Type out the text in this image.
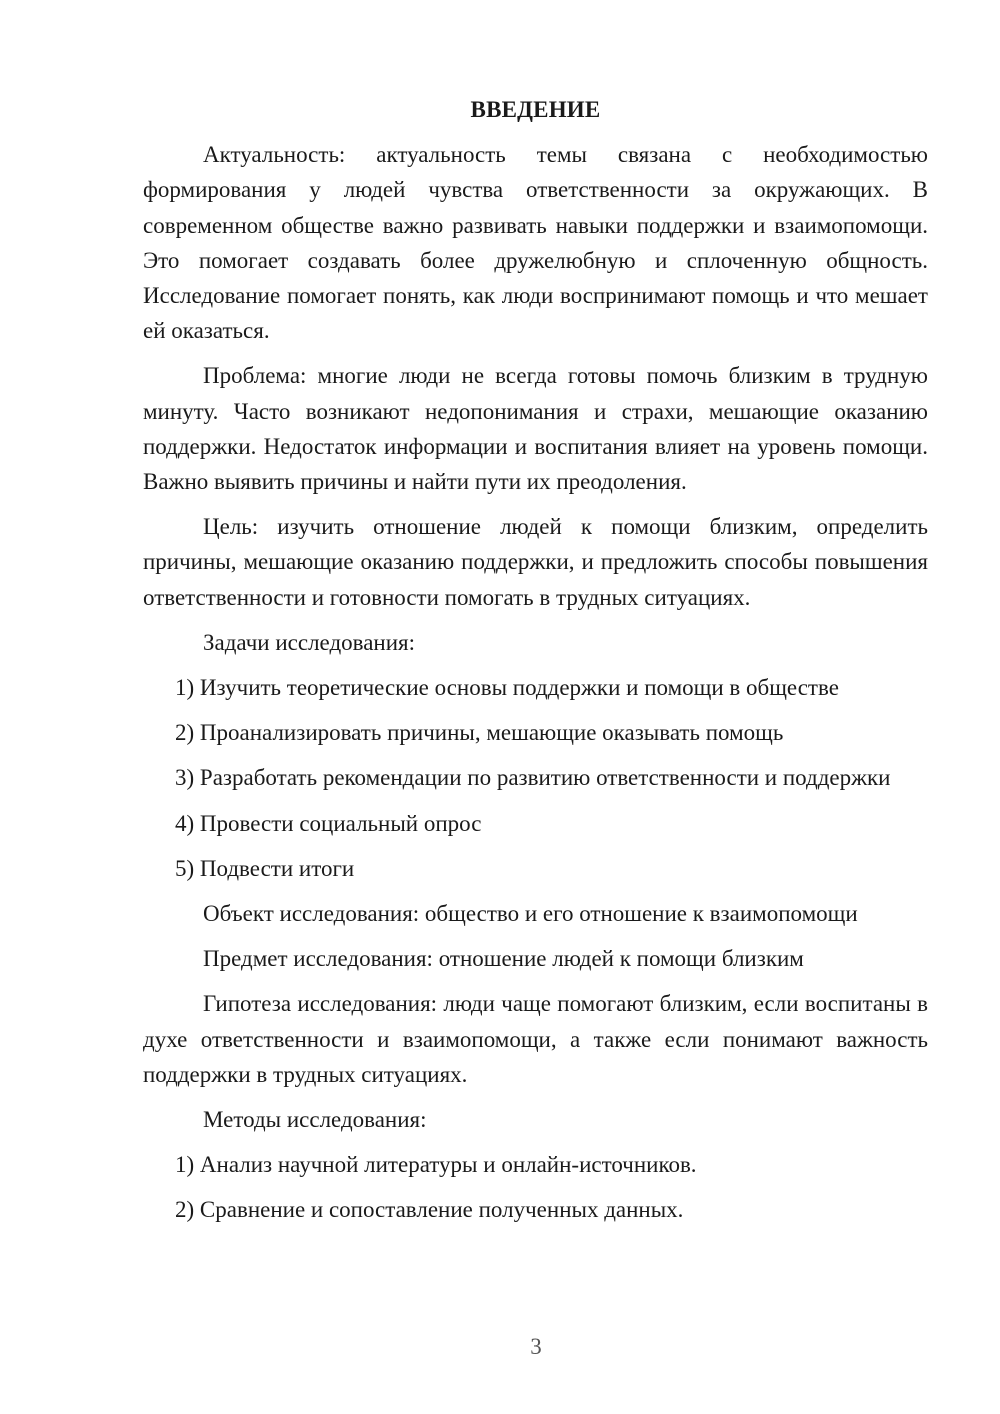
ВВЕДЕНИЕ

Актуальность: актуальность темы связана с необходимостью формирования у людей чувства ответственности за окружающих. В современном обществе важно развивать навыки поддержки и взаимопомощи. Это помогает создавать более дружелюбную и сплоченную общность. Исследование помогает понять, как люди воспринимают помощь и что мешает ей оказаться.

Проблема: многие люди не всегда готовы помочь близким в трудную минуту. Часто возникают недопонимания и страхи, мешающие оказанию поддержки. Недостаток информации и воспитания влияет на уровень помощи. Важно выявить причины и найти пути их преодоления.

Цель: изучить отношение людей к помощи близким, определить причины, мешающие оказанию поддержки, и предложить способы повышения ответственности и готовности помогать в трудных ситуациях.

Задачи исследования:

1) Изучить теоретические основы поддержки и помощи в обществе

2) Проанализировать причины, мешающие оказывать помощь

3) Разработать рекомендации по развитию ответственности и поддержки

4) Провести социальный опрос

5) Подвести итоги

Объект исследования: общество и его отношение к взаимопомощи

Предмет исследования: отношение людей к помощи близким

Гипотеза исследования: люди чаще помогают близким, если воспитаны в духе ответственности и взаимопомощи, а также если понимают важность поддержки в трудных ситуациях.

Методы исследования:

1) Анализ научной литературы и онлайн-источников.

2) Сравнение и сопоставление полученных данных.

3
